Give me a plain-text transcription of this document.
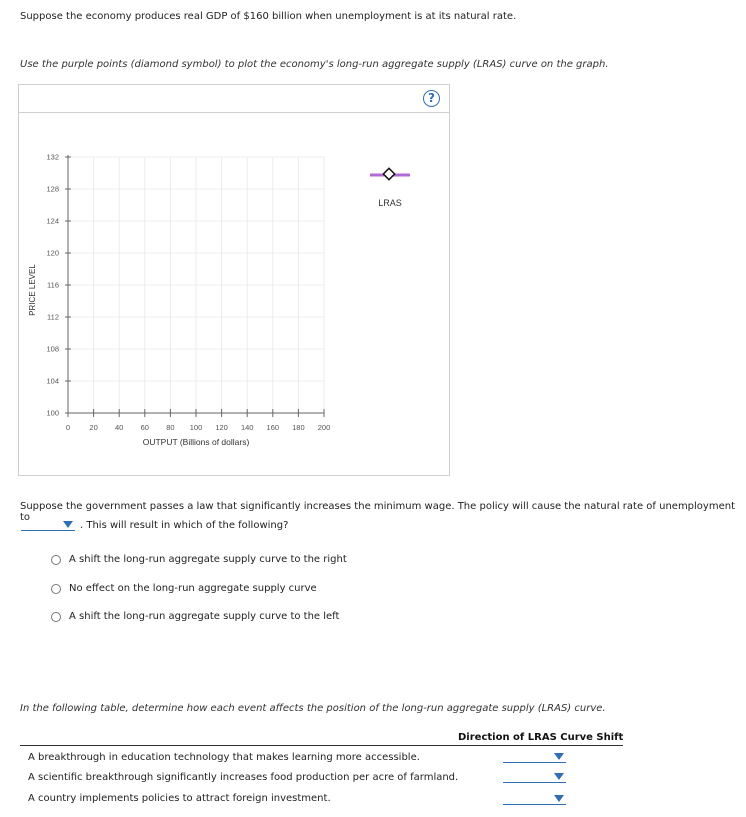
Suppose the economy produces real GDP of $160 billion when unemployment is at its natural rate.
Use the purple points (diamond symbol) to plot the economy's long-run aggregate supply (LRAS) curve on the graph.
?
132
128
124
120
116
112
108
104
100
0	20 40 60 80 100 120 140 160 180 200
PRICE LEVEL
OUTPUT (Billions of dollars)
LRAS
Suppose the government passes a law that significantly increases the minimum wage. The policy will cause the natural rate of unemployment to
. This will result in which of the following?
A shift the long-run aggregate supply curve to the right
No effect on the long-run aggregate supply curve
A shift the long-run aggregate supply curve to the left
In the following table, determine how each event affects the position of the long-run aggregate supply (LRAS) curve.
Direction of LRAS Curve Shift
A breakthrough in education technology that makes learning more accessible.
A scientific breakthrough significantly increases food production per acre of farmland.
A country implements policies to attract foreign investment.
